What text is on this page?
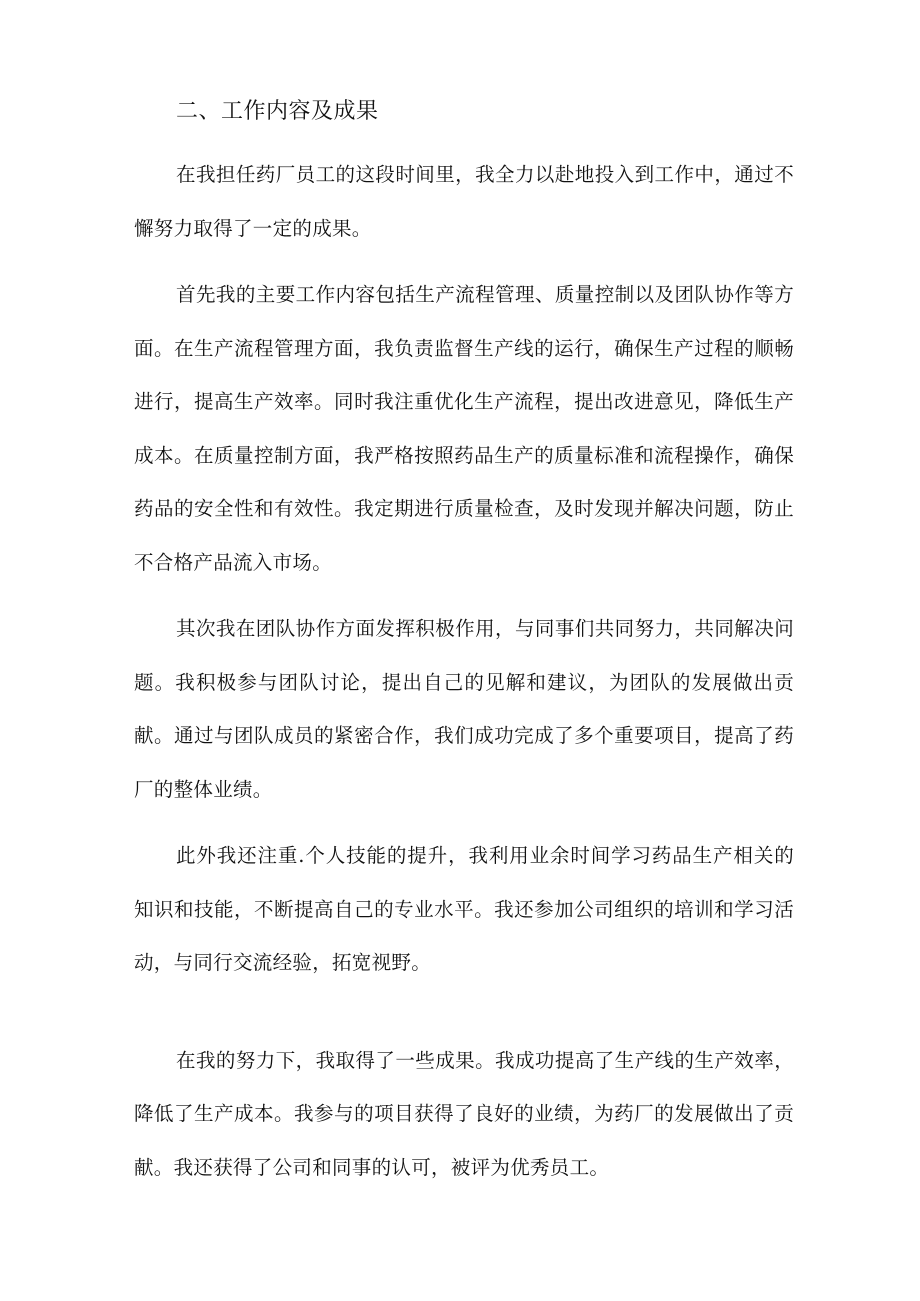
二、工作内容及成果

在我担任药厂员工的这段时间里，我全力以赴地投入到工作中，通过不懈努力取得了一定的成果。

首先我的主要工作内容包括生产流程管理、质量控制以及团队协作等方面。在生产流程管理方面，我负责监督生产线的运行，确保生产过程的顺畅进行，提高生产效率。同时我注重优化生产流程，提出改进意见，降低生产成本。在质量控制方面，我严格按照药品生产的质量标准和流程操作，确保药品的安全性和有效性。我定期进行质量检查，及时发现并解决问题，防止不合格产品流入市场。

其次我在团队协作方面发挥积极作用，与同事们共同努力，共同解决问题。我积极参与团队讨论，提出自己的见解和建议，为团队的发展做出贡献。通过与团队成员的紧密合作，我们成功完成了多个重要项目，提高了药厂的整体业绩。

此外我还注重.个人技能的提升，我利用业余时间学习药品生产相关的知识和技能，不断提高自己的专业水平。我还参加公司组织的培训和学习活动，与同行交流经验，拓宽视野。

在我的努力下，我取得了一些成果。我成功提高了生产线的生产效率，降低了生产成本。我参与的项目获得了良好的业绩，为药厂的发展做出了贡献。我还获得了公司和同事的认可，被评为优秀员工。
